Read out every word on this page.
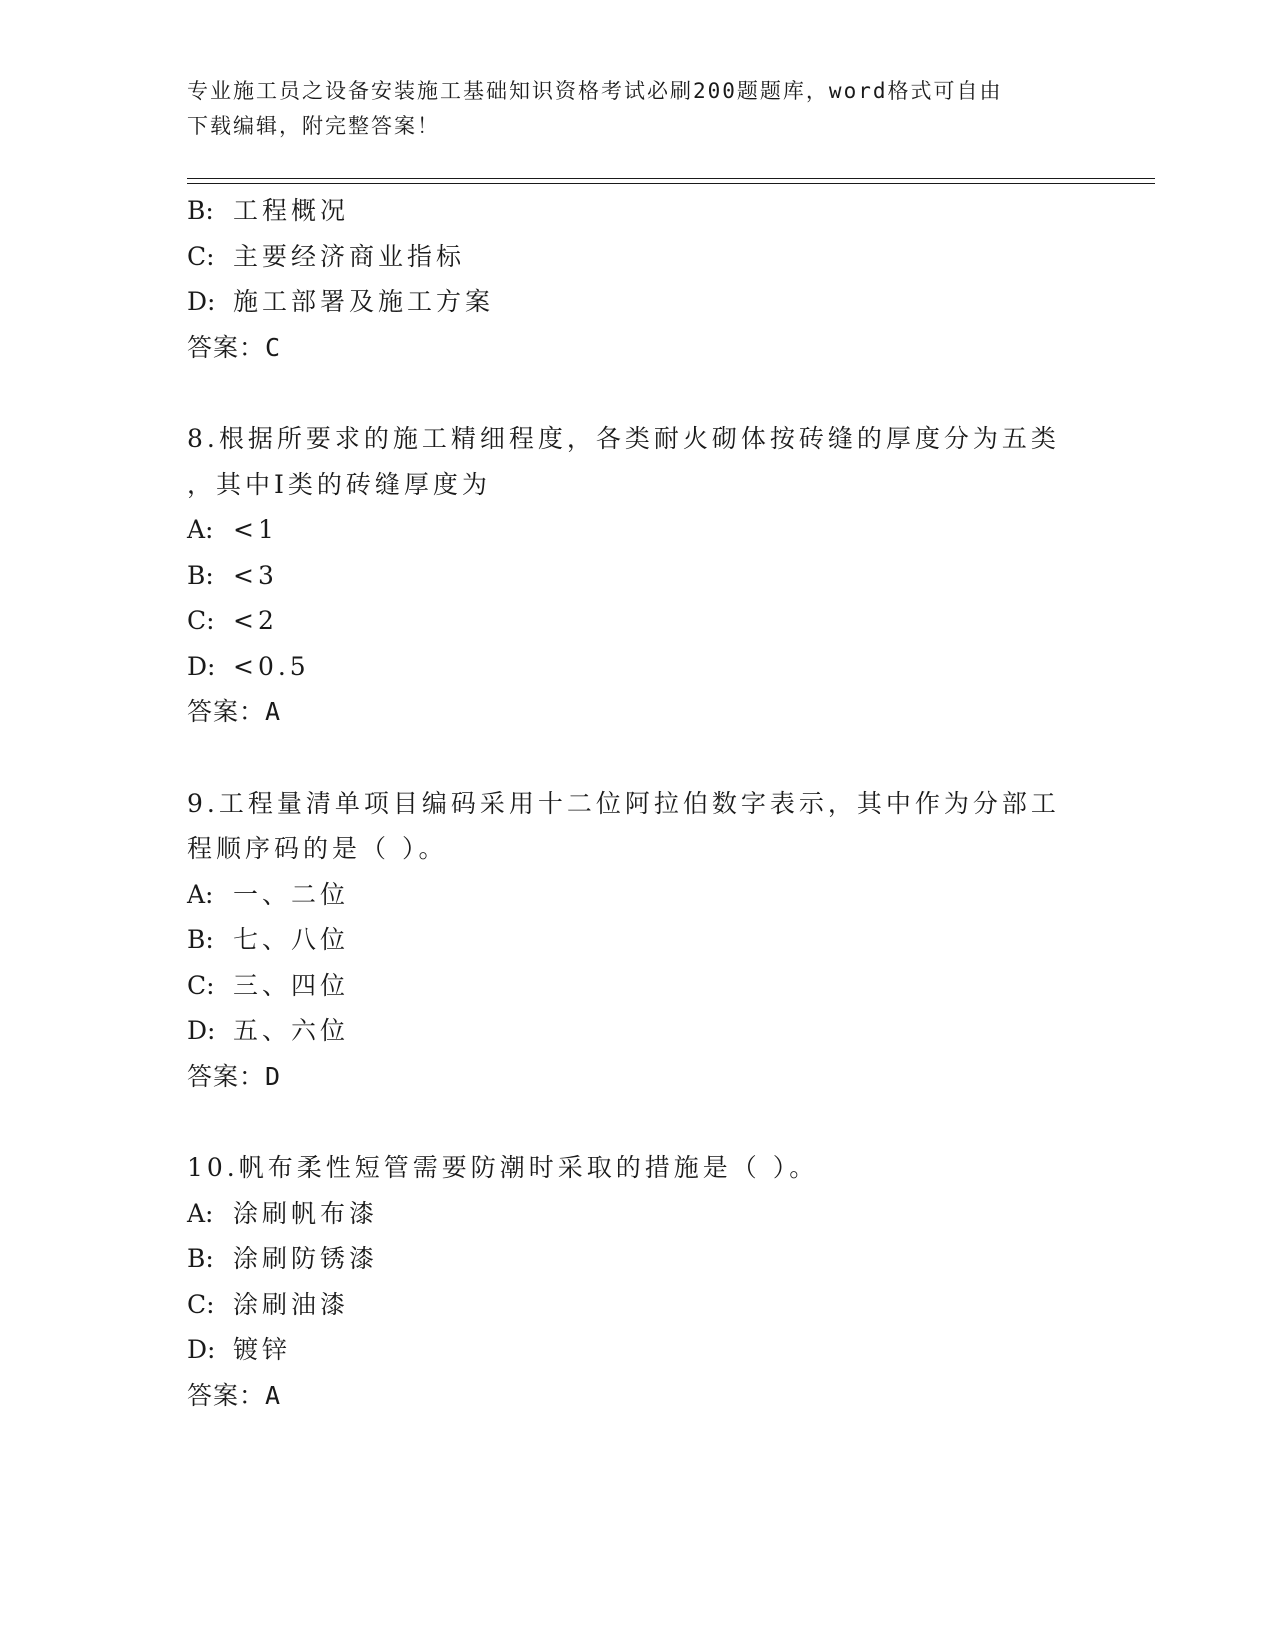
专业施工员之设备安装施工基础知识资格考试必刷200题题库，word格式可自由
下载编辑，附完整答案！
B: 工程概况
C: 主要经济商业指标
D: 施工部署及施工方案
答案：C
8.根据所要求的施工精细程度，各类耐火砌体按砖缝的厚度分为五类
，其中Ⅰ类的砖缝厚度为
A: <1
B: <3
C: <2
D: <0.5
答案：A
9.工程量清单项目编码采用十二位阿拉伯数字表示，其中作为分部工
程顺序码的是（ ）。
A: 一、二位
B: 七、八位
C: 三、四位
D: 五、六位
答案：D
10.帆布柔性短管需要防潮时采取的措施是（ ）。
A: 涂刷帆布漆
B: 涂刷防锈漆
C: 涂刷油漆
D: 镀锌
答案：A
